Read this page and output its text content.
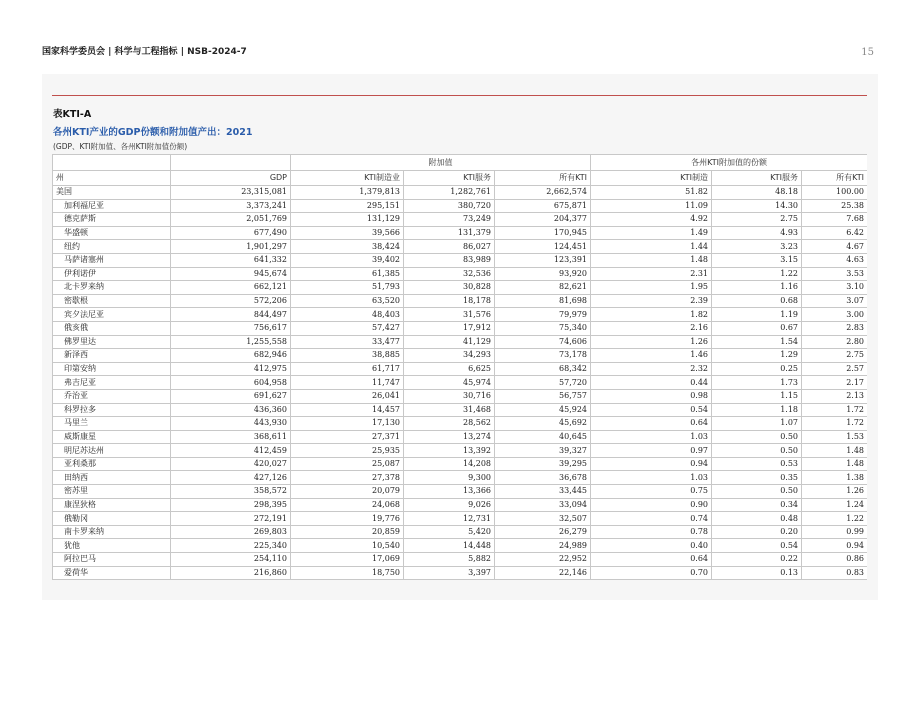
国家科学委员会 | 科学与工程指标 | NSB-2024-7	15
表KTI-A
各州KTI产业的GDP份额和附加值产出：2021
(GDP、KTI附加值、各州KTI附加值份额)
		附加值			各州KTI附加值的份额		
州	GDP	KTI制造业	KTI服务	所有KTI	KTI制造	KTI服务	所有KTI
美国	23,315,081	1,379,813	1,282,761	2,662,574	51.82	48.18	100.00
加利福尼亚	3,373,241	295,151	380,720	675,871	11.09	14.30	25.38
德克萨斯	2,051,769	131,129	73,249	204,377	4.92	2.75	7.68
华盛顿	677,490	39,566	131,379	170,945	1.49	4.93	6.42
纽约	1,901,297	38,424	86,027	124,451	1.44	3.23	4.67
马萨诸塞州	641,332	39,402	83,989	123,391	1.48	3.15	4.63
伊利诺伊	945,674	61,385	32,536	93,920	2.31	1.22	3.53
北卡罗来纳	662,121	51,793	30,828	82,621	1.95	1.16	3.10
密歇根	572,206	63,520	18,178	81,698	2.39	0.68	3.07
宾夕法尼亚	844,497	48,403	31,576	79,979	1.82	1.19	3.00
俄亥俄	756,617	57,427	17,912	75,340	2.16	0.67	2.83
佛罗里达	1,255,558	33,477	41,129	74,606	1.26	1.54	2.80
新泽西	682,946	38,885	34,293	73,178	1.46	1.29	2.75
印第安纳	412,975	61,717	6,625	68,342	2.32	0.25	2.57
弗吉尼亚	604,958	11,747	45,974	57,720	0.44	1.73	2.17
乔治亚	691,627	26,041	30,716	56,757	0.98	1.15	2.13
科罗拉多	436,360	14,457	31,468	45,924	0.54	1.18	1.72
马里兰	443,930	17,130	28,562	45,692	0.64	1.07	1.72
威斯康星	368,611	27,371	13,274	40,645	1.03	0.50	1.53
明尼苏达州	412,459	25,935	13,392	39,327	0.97	0.50	1.48
亚利桑那	420,027	25,087	14,208	39,295	0.94	0.53	1.48
田纳西	427,126	27,378	9,300	36,678	1.03	0.35	1.38
密苏里	358,572	20,079	13,366	33,445	0.75	0.50	1.26
康涅狄格	298,395	24,068	9,026	33,094	0.90	0.34	1.24
俄勒冈	272,191	19,776	12,731	32,507	0.74	0.48	1.22
南卡罗来纳	269,803	20,859	5,420	26,279	0.78	0.20	0.99
犹他	225,340	10,540	14,448	24,989	0.40	0.54	0.94
阿拉巴马	254,110	17,069	5,882	22,952	0.64	0.22	0.86
爱荷华	216,860	18,750	3,397	22,146	0.70	0.13	0.83
